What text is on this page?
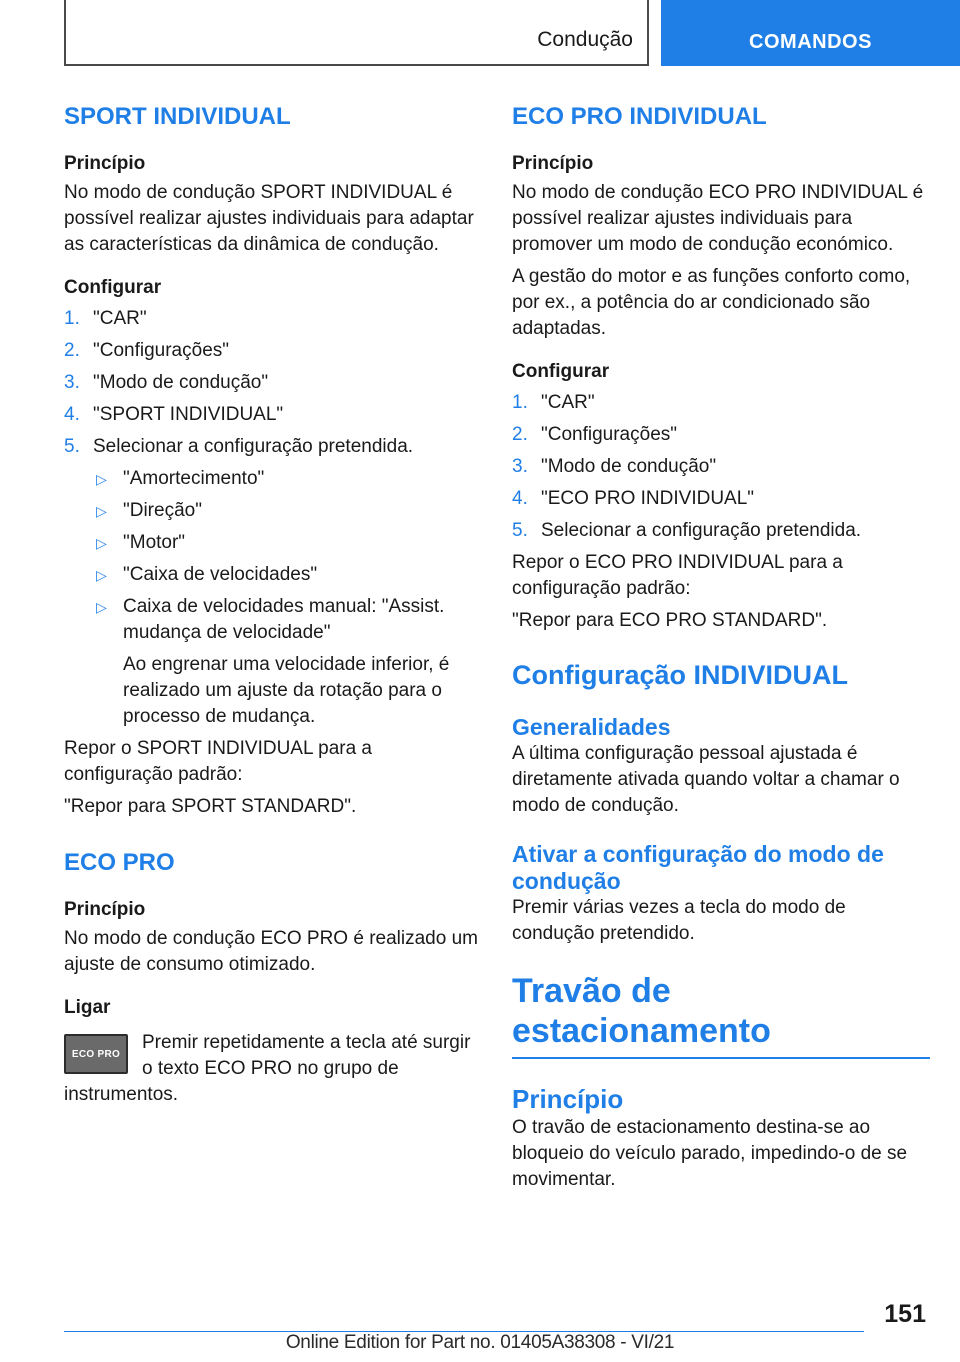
Condução	COMANDOS
SPORT INDIVIDUAL
Princípio
No modo de condução SPORT INDIVIDUAL é possível realizar ajustes individuais para adaptar as características da dinâmica de condução.
Configurar
1. "CAR"
2. "Configurações"
3. "Modo de condução"
4. "SPORT INDIVIDUAL"
5. Selecionar a configuração pretendida.
▷ "Amortecimento"
▷ "Direção"
▷ "Motor"
▷ "Caixa de velocidades"
▷ Caixa de velocidades manual: "Assist. mudança de velocidade"
Ao engrenar uma velocidade inferior, é realizado um ajuste da rotação para o processo de mudança.
Repor o SPORT INDIVIDUAL para a configuração padrão:
"Repor para SPORT STANDARD".
ECO PRO
Princípio
No modo de condução ECO PRO é realizado um ajuste de consumo otimizado.
Ligar
ECO PRO
Premir repetidamente a tecla até surgir o texto ECO PRO no grupo de instrumentos.
ECO PRO INDIVIDUAL
Princípio
No modo de condução ECO PRO INDIVIDUAL é possível realizar ajustes individuais para promover um modo de condução económico.
A gestão do motor e as funções conforto como, por ex., a potência do ar condicionado são adaptadas.
Configurar
1. "CAR"
2. "Configurações"
3. "Modo de condução"
4. "ECO PRO INDIVIDUAL"
5. Selecionar a configuração pretendida.
Repor o ECO PRO INDIVIDUAL para a configuração padrão:
"Repor para ECO PRO STANDARD".
Configuração INDIVIDUAL
Generalidades
A última configuração pessoal ajustada é diretamente ativada quando voltar a chamar o modo de condução.
Ativar a configuração do modo de condução
Premir várias vezes a tecla do modo de condução pretendido.
Travão de estacionamento
Princípio
O travão de estacionamento destina-se ao bloqueio do veículo parado, impedindo-o de se movimentar.
151
Online Edition for Part no. 01405A38308 - VI/21
